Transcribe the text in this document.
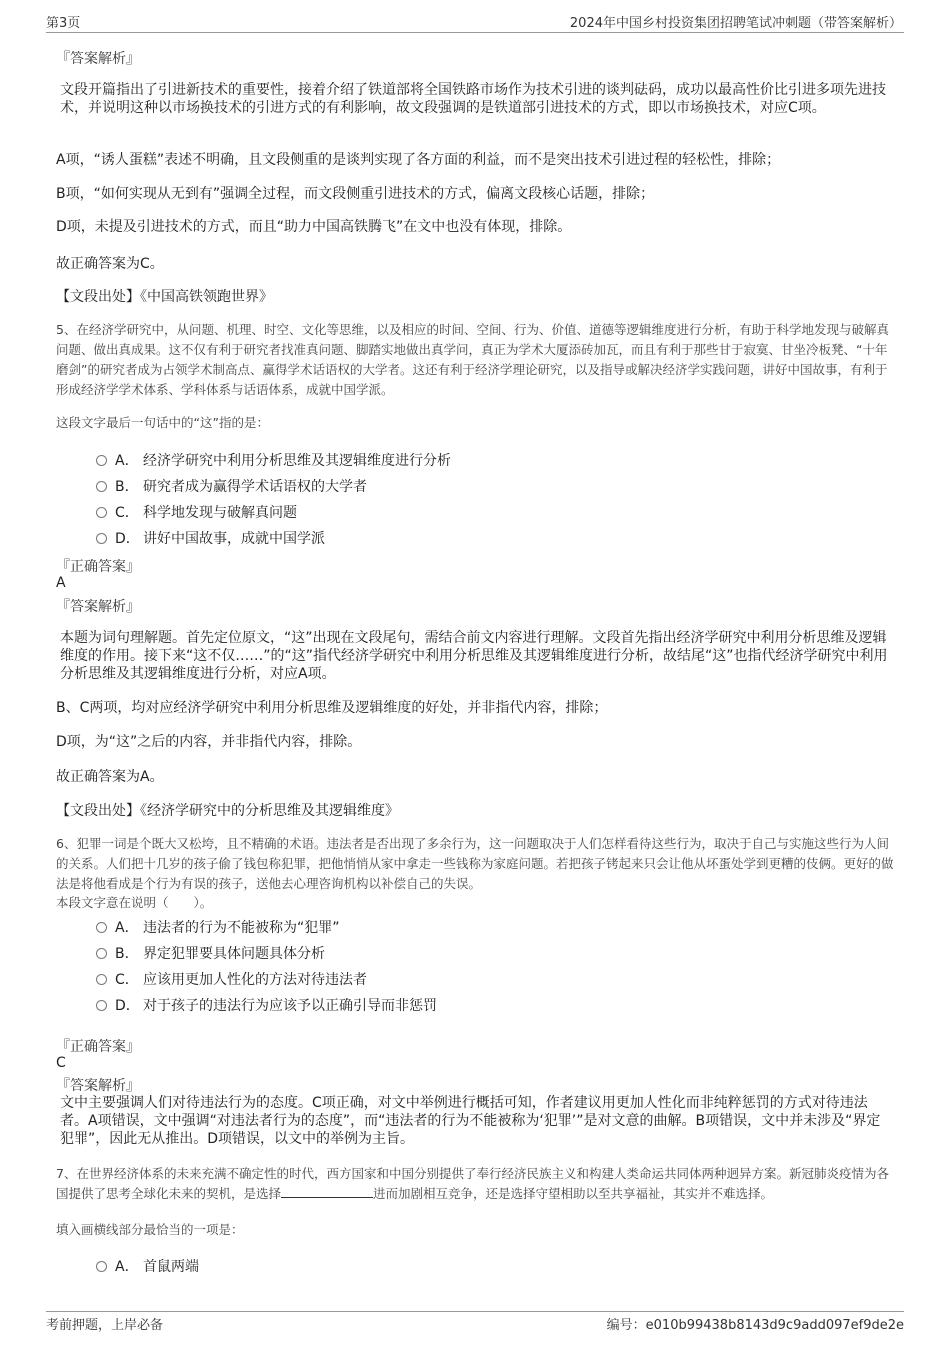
第3页	2024年中国乡村投资集团招聘笔试冲刺题（带答案解析）
『答案解析』
文段开篇指出了引进新技术的重要性，接着介绍了铁道部将全国铁路市场作为技术引进的谈判砝码，成功以最高性价比引进多项先进技术，并说明这种以市场换技术的引进方式的有利影响，故文段强调的是铁道部引进技术的方式，即以市场换技术，对应C项。
A项，“诱人蛋糕”表述不明确，且文段侧重的是谈判实现了各方面的利益，而不是突出技术引进过程的轻松性，排除；
B项，“如何实现从无到有”强调全过程，而文段侧重引进技术的方式，偏离文段核心话题，排除；
D项，未提及引进技术的方式，而且“助力中国高铁腾飞”在文中也没有体现，排除。
故正确答案为C。
【文段出处】《中国高铁领跑世界》
5、在经济学研究中，从问题、机理、时空、文化等思维，以及相应的时间、空间、行为、价值、道德等逻辑维度进行分析，有助于科学地发现与破解真问题、做出真成果。这不仅有利于研究者找准真问题、脚踏实地做出真学问，真正为学术大厦添砖加瓦，而且有利于那些甘于寂寞、甘坐冷板凳、“十年磨剑”的研究者成为占领学术制高点、赢得学术话语权的大学者。这还有利于经济学理论研究，以及指导或解决经济学实践问题，讲好中国故事，有利于形成经济学学术体系、学科体系与话语体系，成就中国学派。
这段文字最后一句话中的“这”指的是：
A． 经济学研究中利用分析思维及其逻辑维度进行分析
B． 研究者成为赢得学术话语权的大学者
C． 科学地发现与破解真问题
D． 讲好中国故事，成就中国学派
『正确答案』
A
『答案解析』
本题为词句理解题。首先定位原文，“这”出现在文段尾句，需结合前文内容进行理解。文段首先指出经济学研究中利用分析思维及逻辑维度的作用。接下来“这不仅……”的“这”指代经济学研究中利用分析思维及其逻辑维度进行分析，故结尾“这”也指代经济学研究中利用分析思维及其逻辑维度进行分析，对应A项。
B、C两项，均对应经济学研究中利用分析思维及逻辑维度的好处，并非指代内容，排除；
D项，为“这”之后的内容，并非指代内容，排除。
故正确答案为A。
【文段出处】《经济学研究中的分析思维及其逻辑维度》
6、犯罪一词是个既大又松垮，且不精确的术语。违法者是否出现了多余行为，这一问题取决于人们怎样看待这些行为，取决于自己与实施这些行为人间的关系。人们把十几岁的孩子偷了钱包称犯罪，把他悄悄从家中拿走一些钱称为家庭问题。若把孩子铐起来只会让他从坏蛋处学到更糟的伎俩。更好的做法是将他看成是个行为有误的孩子，送他去心理咨询机构以补偿自己的失误。
本段文字意在说明（　　）。
A． 违法者的行为不能被称为“犯罪”
B． 界定犯罪要具体问题具体分析
C． 应该用更加人性化的方法对待违法者
D． 对于孩子的违法行为应该予以正确引导而非惩罚
『正确答案』
C
『答案解析』
文中主要强调人们对待违法行为的态度。C项正确，对文中举例进行概括可知，作者建议用更加人性化而非纯粹惩罚的方式对待违法者。A项错误，文中强调“对违法者行为的态度”，而“违法者的行为不能被称为‘犯罪’”是对文意的曲解。B项错误，文中并未涉及“界定犯罪”，因此无从推出。D项错误，以文中的举例为主旨。
7、在世界经济体系的未来充满不确定性的时代，西方国家和中国分别提供了奉行经济民族主义和构建人类命运共同体两种迥异方案。新冠肺炎疫情为各国提供了思考全球化未来的契机，是选择	进而加剧相互竞争，还是选择守望相助以至共享福祉，其实并不难选择。
填入画横线部分最恰当的一项是：
A． 首鼠两端
考前押题，上岸必备	编号：e010b99438b8143d9c9add097ef9de2e
